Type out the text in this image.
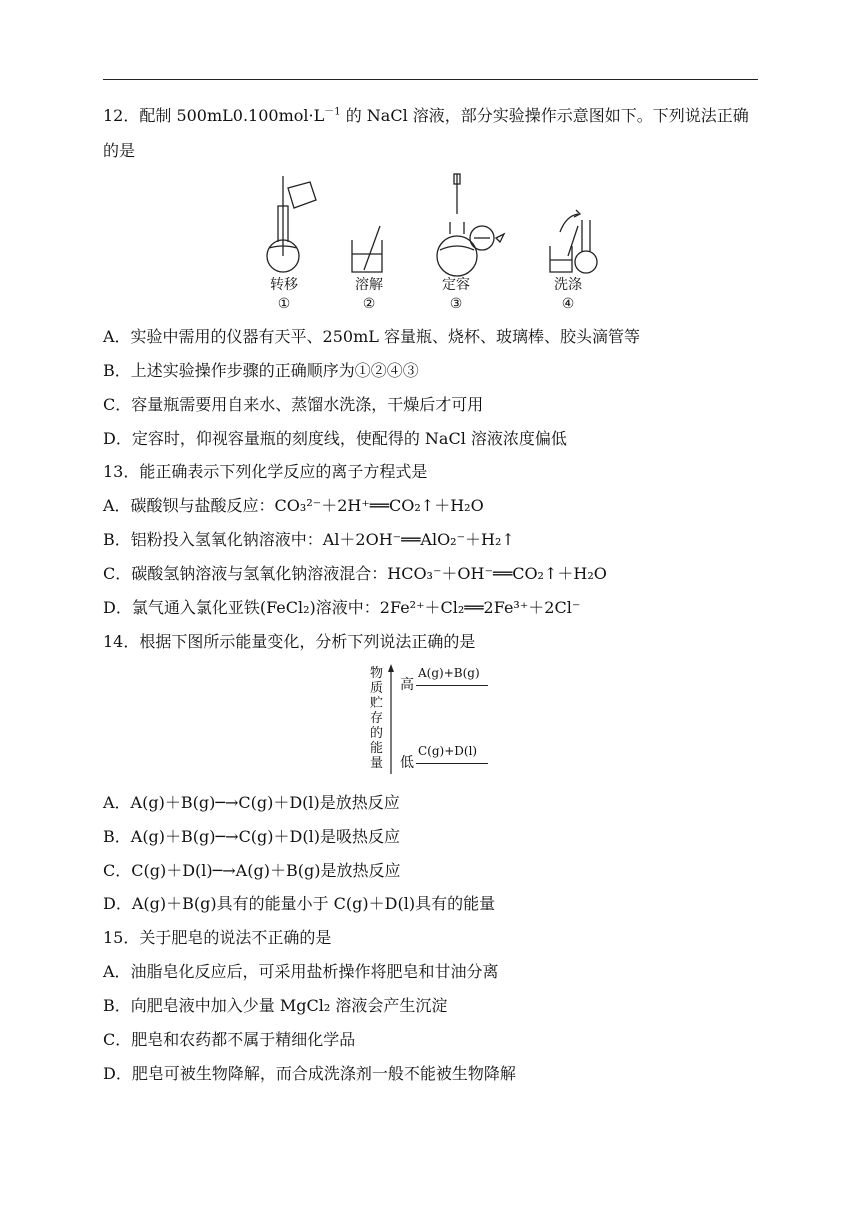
12．配制 $500mL0.100mol\cdot L^{-1}$ 的 NaCl 溶液，部分实验操作示意图如下。下列说法正确
的是
转移	溶解	定容	洗涤
①	②	③	④
A．实验中需用的仪器有天平、250mL 容量瓶、烧杯、玻璃棒、胶头滴管等
B．上述实验操作步骤的正确顺序为①②④③
C．容量瓶需要用自来水、蒸馏水洗涤，干燥后才可用
D．定容时，仰视容量瓶的刻度线，使配得的 NaCl 溶液浓度偏低
13．能正确表示下列化学反应的离子方程式是
A．碳酸钡与盐酸反应：CO₃²⁻＋2H⁺══CO₂↑＋H₂O
B．铝粉投入氢氧化钠溶液中：Al＋2OH⁻══AlO₂⁻＋H₂↑
C．碳酸氢钠溶液与氢氧化钠溶液混合：HCO₃⁻＋OH⁻══CO₂↑＋H₂O
D．氯气通入氯化亚铁(FeCl₂)溶液中：2Fe²⁺＋Cl₂══2Fe³⁺＋2Cl⁻
14．根据下图所示能量变化，分析下列说法正确的是
物质贮存的能量
高
A(g)+B(g)
低
C(g)+D(l)
A．A(g)＋B(g)─→C(g)＋D(l)是放热反应
B．A(g)＋B(g)─→C(g)＋D(l)是吸热反应
C．C(g)＋D(l)─→A(g)＋B(g)是放热反应
D．A(g)＋B(g)具有的能量小于 C(g)＋D(l)具有的能量
15．关于肥皂的说法不正确的是
A．油脂皂化反应后，可采用盐析操作将肥皂和甘油分离
B．向肥皂液中加入少量 MgCl₂ 溶液会产生沉淀
C．肥皂和农药都不属于精细化学品
D．肥皂可被生物降解，而合成洗涤剂一般不能被生物降解
